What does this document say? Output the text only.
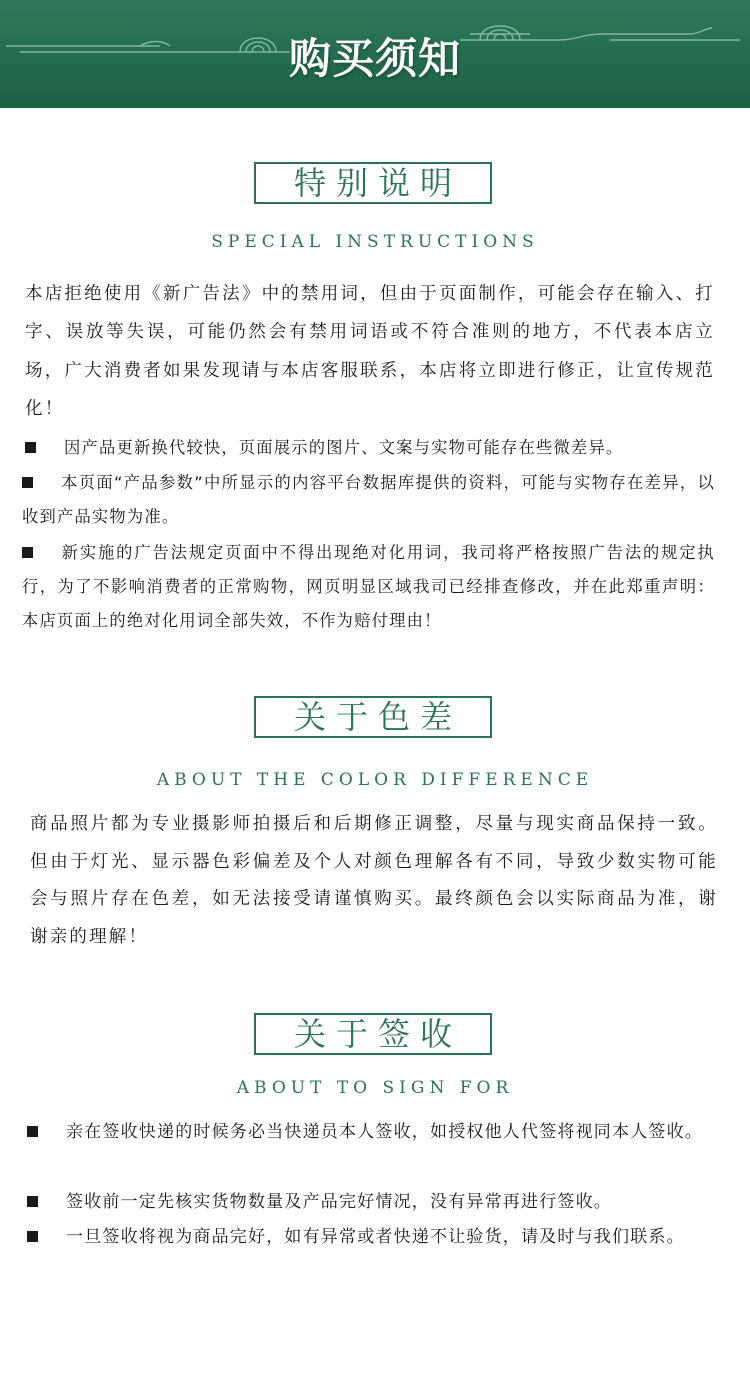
购买须知
特别说明
SPECIAL INSTRUCTIONS

本店拒绝使用《新广告法》中的禁用词，但由于页面制作，可能会存在输入、打字、误放等失误，可能仍然会有禁用词语或不符合准则的地方，不代表本店立场，广大消费者如果发现请与本店客服联系，本店将立即进行修正，让宣传规范化！

因产品更新换代较快，页面展示的图片、文案与实物可能存在些微差异。

本页面“产品参数”中所显示的内容平台数据库提供的资料，可能与实物存在差异，以收到产品实物为准。

新实施的广告法规定页面中不得出现绝对化用词，我司将严格按照广告法的规定执行，为了不影响消费者的正常购物，网页明显区域我司已经排查修改，并在此郑重声明：本店页面上的绝对化用词全部失效，不作为赔付理由！

关于色差
ABOUT THE COLOR DIFFERENCE

商品照片都为专业摄影师拍摄后和后期修正调整，尽量与现实商品保持一致。但由于灯光、显示器色彩偏差及个人对颜色理解各有不同，导致少数实物可能会与照片存在色差，如无法接受请谨慎购买。最终颜色会以实际商品为准，谢谢亲的理解！

关于签收
ABOUT TO SIGN FOR

亲在签收快递的时候务必当快递员本人签收，如授权他人代签将视同本人签收。

签收前一定先核实货物数量及产品完好情况，没有异常再进行签收。

一旦签收将视为商品完好，如有异常或者快递不让验货，请及时与我们联系。
